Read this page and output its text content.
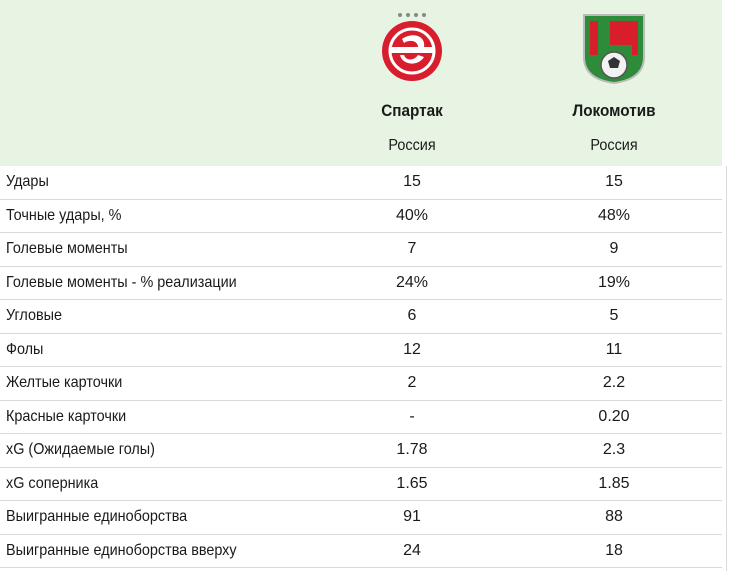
Спартак
Россия
Локомотив
Россия
Удары	15	15
Точные удары, %	40%	48%
Голевые моменты	7	9
Голевые моменты - % реализации	24%	19%
Угловые	6	5
Фолы	12	11
Желтые карточки	2	2.2
Красные карточки	-	0.20
xG (Ожидаемые голы)	1.78	2.3
xG соперника	1.65	1.85
Выигранные единоборства	91	88
Выигранные единоборства вверху	24	18
